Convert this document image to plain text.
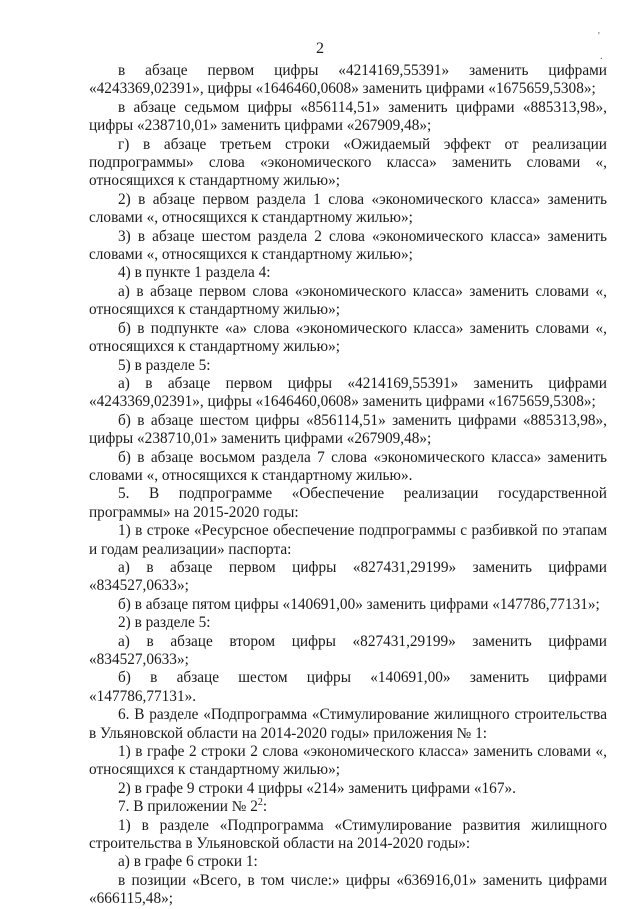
2
'
.

в абзаце первом цифры «4214169,55391» заменить цифрами «4243369,02391», цифры «1646460,0608» заменить цифрами «1675659,5308»;

в абзаце седьмом цифры «856114,51» заменить цифрами «885313,98», цифры «238710,01» заменить цифрами «267909,48»;

г) в абзаце третьем строки «Ожидаемый эффект от реализации подпрограммы» слова «экономического класса» заменить словами «, относящихся к стандартному жилью»;

2) в абзаце первом раздела 1 слова «экономического класса» заменить словами «, относящихся к стандартному жилью»;

3) в абзаце шестом раздела 2 слова «экономического класса» заменить словами «, относящихся к стандартному жилью»;

4) в пункте 1 раздела 4:

а) в абзаце первом слова «экономического класса» заменить словами «, относящихся к стандартному жилью»;

б) в подпункте «а» слова «экономического класса» заменить словами «, относящихся к стандартному жилью»;

5) в разделе 5:

а) в абзаце первом цифры «4214169,55391» заменить цифрами «4243369,02391», цифры «1646460,0608» заменить цифрами «1675659,5308»;

б) в абзаце шестом цифры «856114,51» заменить цифрами «885313,98», цифры «238710,01» заменить цифрами «267909,48»;

б) в абзаце восьмом раздела 7 слова «экономического класса» заменить словами «, относящихся к стандартному жилью».

5. В подпрограмме «Обеспечение реализации государственной программы» на 2015-2020 годы:

1) в строке «Ресурсное обеспечение подпрограммы с разбивкой по этапам и годам реализации» паспорта:

а) в абзаце первом цифры «827431,29199» заменить цифрами «834527,0633»;

б) в абзаце пятом цифры «140691,00» заменить цифрами «147786,77131»;

2) в разделе 5:

а) в абзаце втором цифры «827431,29199» заменить цифрами «834527,0633»;

б) в абзаце шестом цифры «140691,00» заменить цифрами «147786,77131».

6. В разделе «Подпрограмма «Стимулирование жилищного строительства в Ульяновской области на 2014-2020 годы» приложения № 1:

1) в графе 2 строки 2 слова «экономического класса» заменить словами «, относящихся к стандартному жилью»;

2) в графе 9 строки 4 цифры «214» заменить цифрами «167».

7. В приложении № $2^2$:

1) в разделе «Подпрограмма «Стимулирование развития жилищного строительства в Ульяновской области на 2014-2020 годы»:

а) в графе 6 строки 1:

в позиции «Всего, в том числе:» цифры «636916,01» заменить цифрами «666115,48»;
